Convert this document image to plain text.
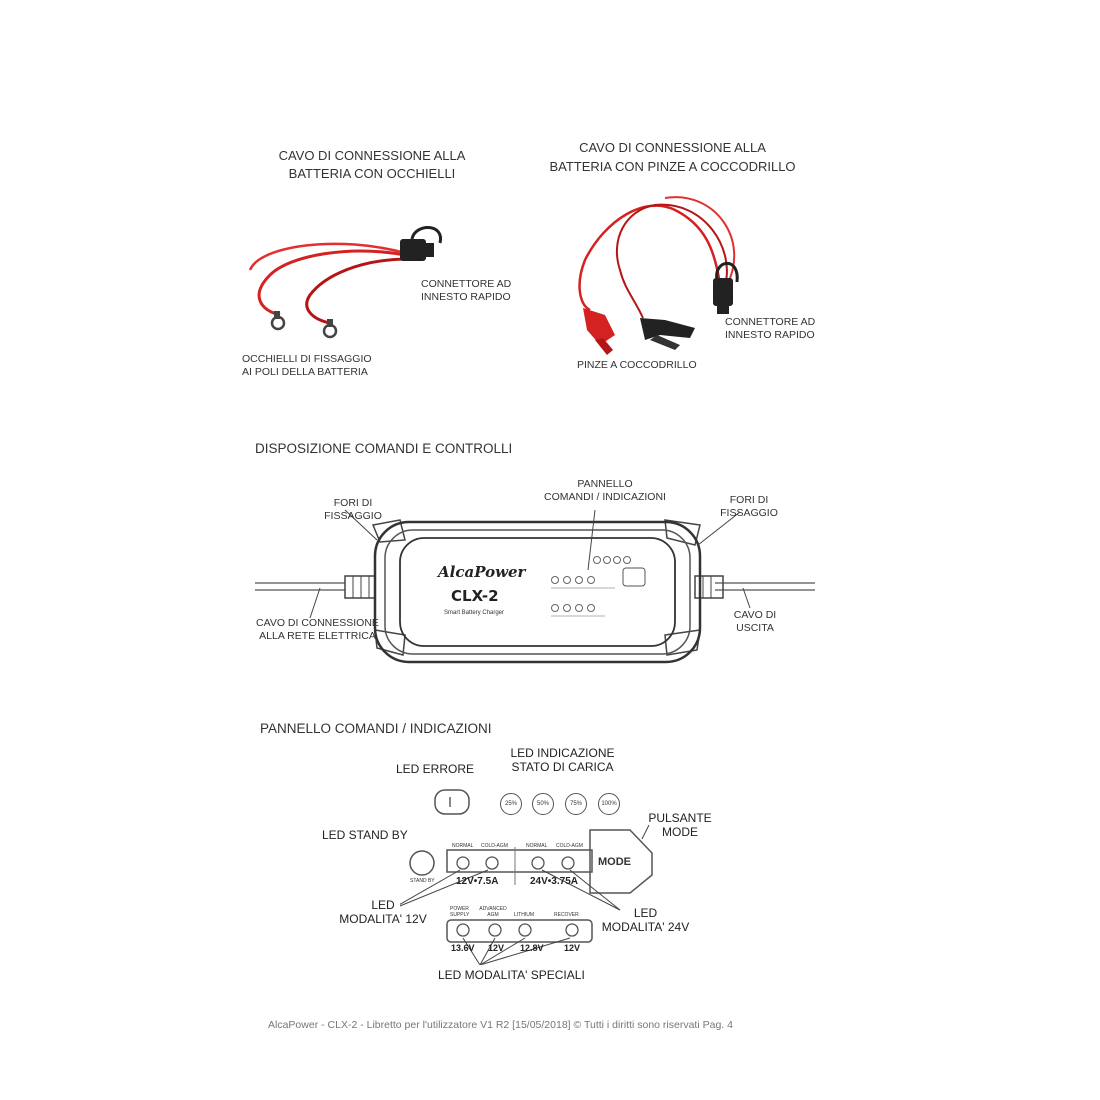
CAVO DI CONNESSIONE ALLA
BATTERIA CON OCCHIELLI
CONNETTORE AD
INNESTO RAPIDO
OCCHIELLI DI FISSAGGIO
AI POLI DELLA BATTERIA
CAVO DI CONNESSIONE ALLA
BATTERIA CON PINZE A COCCODRILLO
CONNETTORE AD
INNESTO RAPIDO
PINZE A COCCODRILLO
DISPOSIZIONE COMANDI E CONTROLLI
AlcaPower
CLX-2
Smart Battery Charger
PANNELLO
COMANDI / INDICAZIONI
FORI DI
FISSAGGIO
FORI DI
FISSAGGIO
CAVO DI CONNESSIONE
ALLA RETE ELETTRICA
CAVO DI
USCITA
PANNELLO COMANDI / INDICAZIONI
25%	50%	75%	100%
LED INDICAZIONE
STATO DI CARICA
LED ERRORE
LED STAND BY
STAND BY
PULSANTE
MODE
MODE
NORMAL COLD-AGM	NORMAL COLD-AGM
12V•7.5A	24V•3.75A
LED
MODALITA' 12V	LED
MODALITA' 24V
POWER SUPPLY
ADVANCED AGM	LITHIUM	RECOVER
13.6V 12V 12.8V 12V
LED MODALITA' SPECIALI
AlcaPower - CLX-2 - Libretto per l'utilizzatore V1 R2 [15/05/2018] © Tutti i diritti sono riservati Pag. 4
